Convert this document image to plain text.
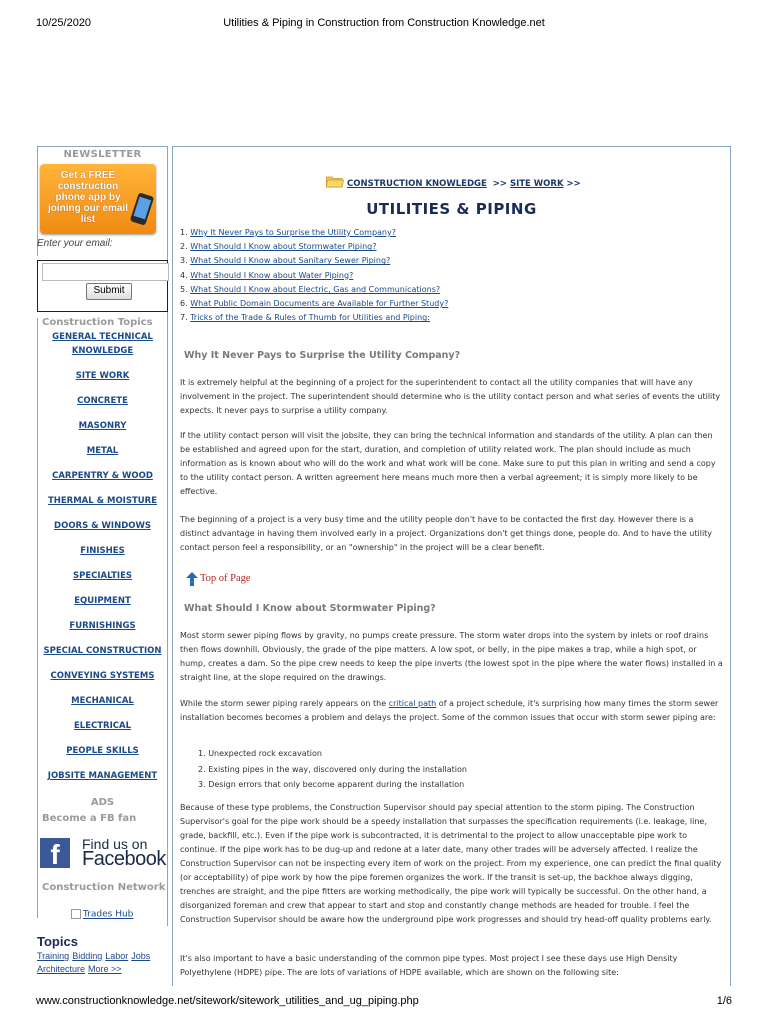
10/25/2020	Utilities & Piping in Construction from Construction Knowledge.net
www.constructionknowledge.net/sitework/sitework_utilities_and_ug_piping.php	1/6
NEWSLETTER
Get a FREE construction phone app by joining our email list
Enter your email:
Submit
Construction Topics
GENERAL TECHNICAL KNOWLEDGE
SITE WORK
CONCRETE
MASONRY
METAL
CARPENTRY & WOOD
THERMAL & MOISTURE
DOORS & WINDOWS
FINISHES
SPECIALTIES
EQUIPMENT
FURNISHINGS
SPECIAL CONSTRUCTION
CONVEYING SYSTEMS
MECHANICAL
ELECTRICAL
PEOPLE SKILLS
JOBSITE MANAGEMENT
ADS
Become a FB fan
f	Find us on
Facebook
Construction Network
Trades Hub
Topics
Training Bidding Labor Jobs
Architecture More >>
CONSTRUCTION KNOWLEDGE >> SITE WORK >>
UTILITIES & PIPING
1. Why It Never Pays to Surprise the Utility Company?
2. What Should I Know about Stormwater Piping?
3. What Should I Know about Sanitary Sewer Piping?
4. What Should I Know about Water Piping?
5. What Should I Know about Electric, Gas and Communications?
6. What Public Domain Documents are Available for Further Study?
7. Tricks of the Trade & Rules of Thumb for Utilities and Piping:
Why It Never Pays to Surprise the Utility Company?
It is extremely helpful at the beginning of a project for the superintendent to contact all the utility companies that will have any involvement in the project. The superintendent should determine who is the utility contact person and what series of events the utility expects. It never pays to surprise a utility company.
If the utility contact person will visit the jobsite, they can bring the technical information and standards of the utility. A plan can then be established and agreed upon for the start, duration, and completion of utility related work. The plan should include as much information as is known about who will do the work and what work will be cone. Make sure to put this plan in writing and send a copy to the utility contact person. A written agreement here means much more then a verbal agreement; it is simply more likely to be effective.
The beginning of a project is a very busy time and the utility people don't have to be contacted the first day. However there is a distinct advantage in having them involved early in a project. Organizations don't get things done, people do. And to have the utility contact person feel a responsibility, or an "ownership" in the project will be a clear benefit.
Top of Page
What Should I Know about Stormwater Piping?
Most storm sewer piping flows by gravity, no pumps create pressure. The storm water drops into the system by inlets or roof drains then flows downhill. Obviously, the grade of the pipe matters. A low spot, or belly, in the pipe makes a trap, while a high spot, or hump, creates a dam. So the pipe crew needs to keep the pipe inverts (the lowest spot in the pipe where the water flows) installed in a straight line, at the slope required on the drawings.
While the storm sewer piping rarely appears on the critical path of a project schedule, it's surprising how many times the storm sewer installation becomes becomes a problem and delays the project. Some of the common issues that occur with storm sewer piping are:
1. Unexpected rock excavation
2. Existing pipes in the way, discovered only during the installation
3. Design errors that only become apparent during the installation
Because of these type problems, the Construction Supervisor should pay special attention to the storm piping. The Construction Supervisor's goal for the pipe work should be a speedy installation that surpasses the specification requirements (i.e. leakage, line, grade, backfill, etc.). Even if the pipe work is subcontracted, it is detrimental to the project to allow unacceptable pipe work to continue. If the pipe work has to be dug-up and redone at a later date, many other trades will be adversely affected. I realize the Construction Supervisor can not be inspecting every item of work on the project. From my experience, one can predict the final quality (or acceptability) of pipe work by how the pipe foremen organizes the work. If the transit is set-up, the backhoe always digging, trenches are straight, and the pipe fitters are working methodically, the pipe work will typically be successful. On the other hand, a disorganized foreman and crew that appear to start and stop and constantly change methods are headed for trouble. I feel the Construction Supervisor should be aware how the underground pipe work progresses and should try head-off quality problems early.
It's also important to have a basic understanding of the common pipe types. Most project I see these days use High Density Polyethylene (HDPE) pipe. The are lots of variations of HDPE available, which are shown on the following site:
